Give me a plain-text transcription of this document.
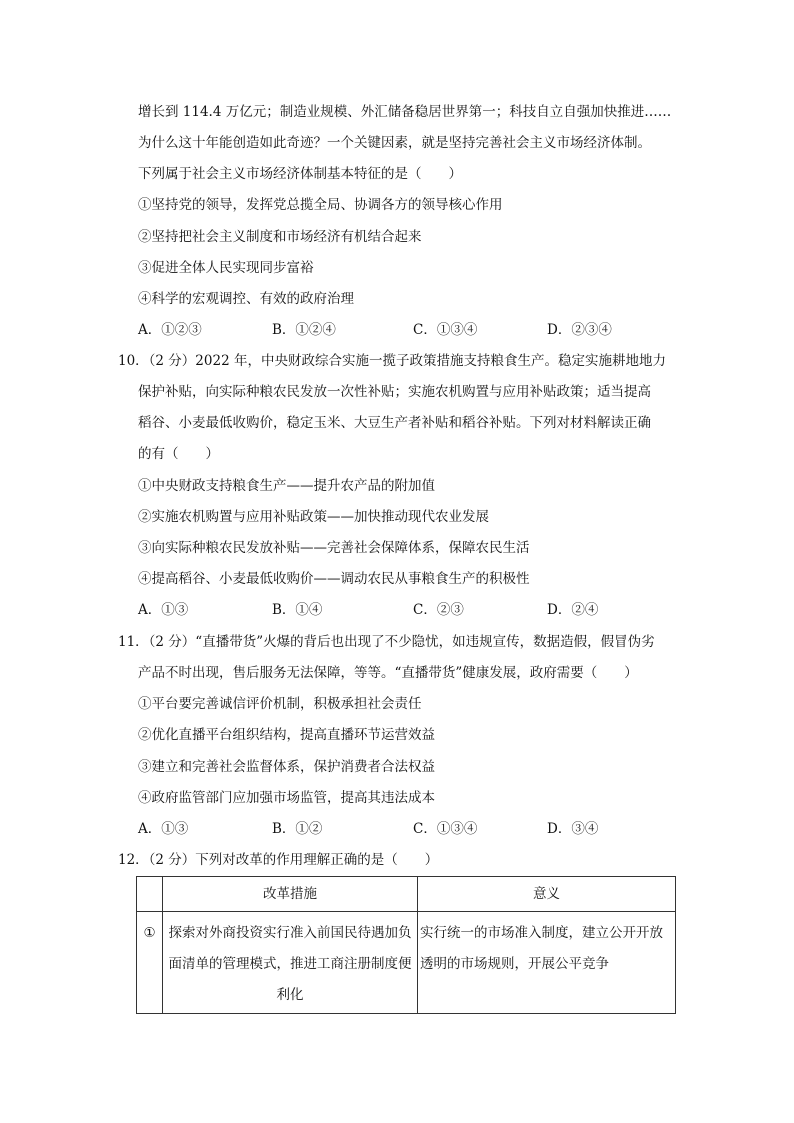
增长到 114.4 万亿元；制造业规模、外汇储备稳居世界第一；科技自立自强加快推进……
为什么这十年能创造如此奇迹？一个关键因素，就是坚持完善社会主义市场经济体制。
下列属于社会主义市场经济体制基本特征的是（　　）
①坚持党的领导，发挥党总揽全局、协调各方的领导核心作用
②坚持把社会主义制度和市场经济有机结合起来
③促进全体人民实现同步富裕
④科学的宏观调控、有效的政府治理
A．①②③	B．①②④	C．①③④	D．②③④
10．（2 分）2022 年，中央财政综合实施一揽子政策措施支持粮食生产。稳定实施耕地地力
保护补贴，向实际种粮农民发放一次性补贴；实施农机购置与应用补贴政策；适当提高
稻谷、小麦最低收购价，稳定玉米、大豆生产者补贴和稻谷补贴。下列对材料解读正确
的有（　　）
①中央财政支持粮食生产——提升农产品的附加值
②实施农机购置与应用补贴政策——加快推动现代农业发展
③向实际种粮农民发放补贴——完善社会保障体系，保障农民生活
④提高稻谷、小麦最低收购价——调动农民从事粮食生产的积极性
A．①③	B．①④	C．②③	D．②④
11．（2 分）“直播带货”火爆的背后也出现了不少隐忧，如违规宣传，数据造假，假冒伪劣
产品不时出现，售后服务无法保障，等等。“直播带货”健康发展，政府需要（　　）
①平台要完善诚信评价机制，积极承担社会责任
②优化直播平台组织结构，提高直播环节运营效益
③建立和完善社会监督体系，保护消费者合法权益
④政府监管部门应加强市场监管，提高其违法成本
A．①③	B．①②	C．①③④	D．③④
12．（2 分）下列对改革的作用理解正确的是（　　）
	改革措施	意义

①	探索对外商投资实行准入前国民待遇加负面清单的管理模式，推进工商注册制度便利化	实行统一的市场准入制度，建立公开开放透明的市场规则，开展公平竞争
